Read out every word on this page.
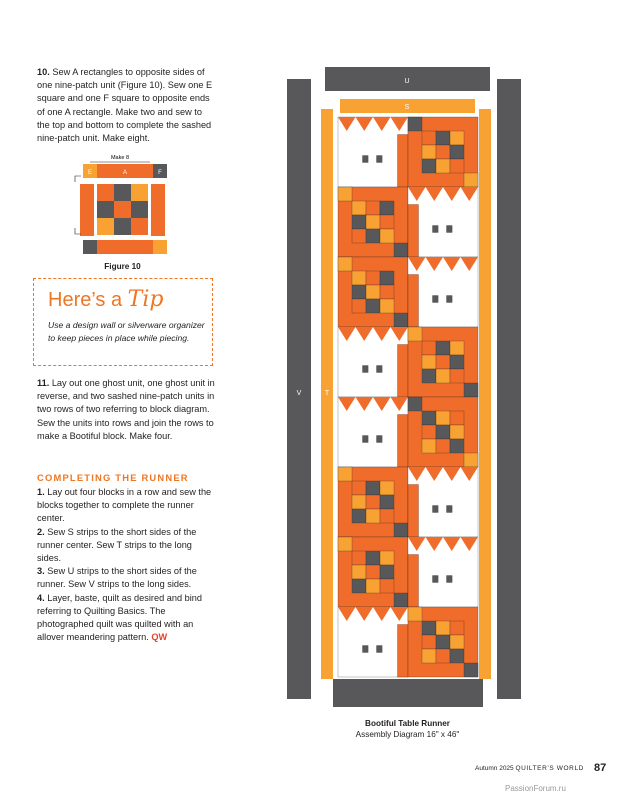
10. Sew A rectangles to opposite sides of one nine-patch unit (Figure 10). Sew one E square and one F square to opposite ends of one A rectangle. Make two and sew to the top and bottom to complete the sashed nine-patch unit. Make eight.
Make 8
E	A	F
Figure 10
Here’s a Tip
Use a design wall or silverware organizer to keep pieces in place while piecing.
11. Lay out one ghost unit, one ghost unit in reverse, and two sashed nine-patch units in two rows of two referring to block diagram. Sew the units into rows and join the rows to make a Bootiful block. Make four.
COMPLETING THE RUNNER

1. Lay out four blocks in a row and sew the blocks together to complete the runner center.

2. Sew S strips to the short sides of the runner center. Sew T strips to the long sides.

3. Sew U strips to the short sides of the runner. Sew V strips to the long sides.

4. Layer, baste, quilt as desired and bind referring to Quilting Basics. The photographed quilt was quilted with an allover meandering pattern. QW

U
S
V	T
Bootiful Table Runner
Assembly Diagram 16" x 46"
Autumn 2025 QUILTER’S WORLD 87
PassionForum.ru
